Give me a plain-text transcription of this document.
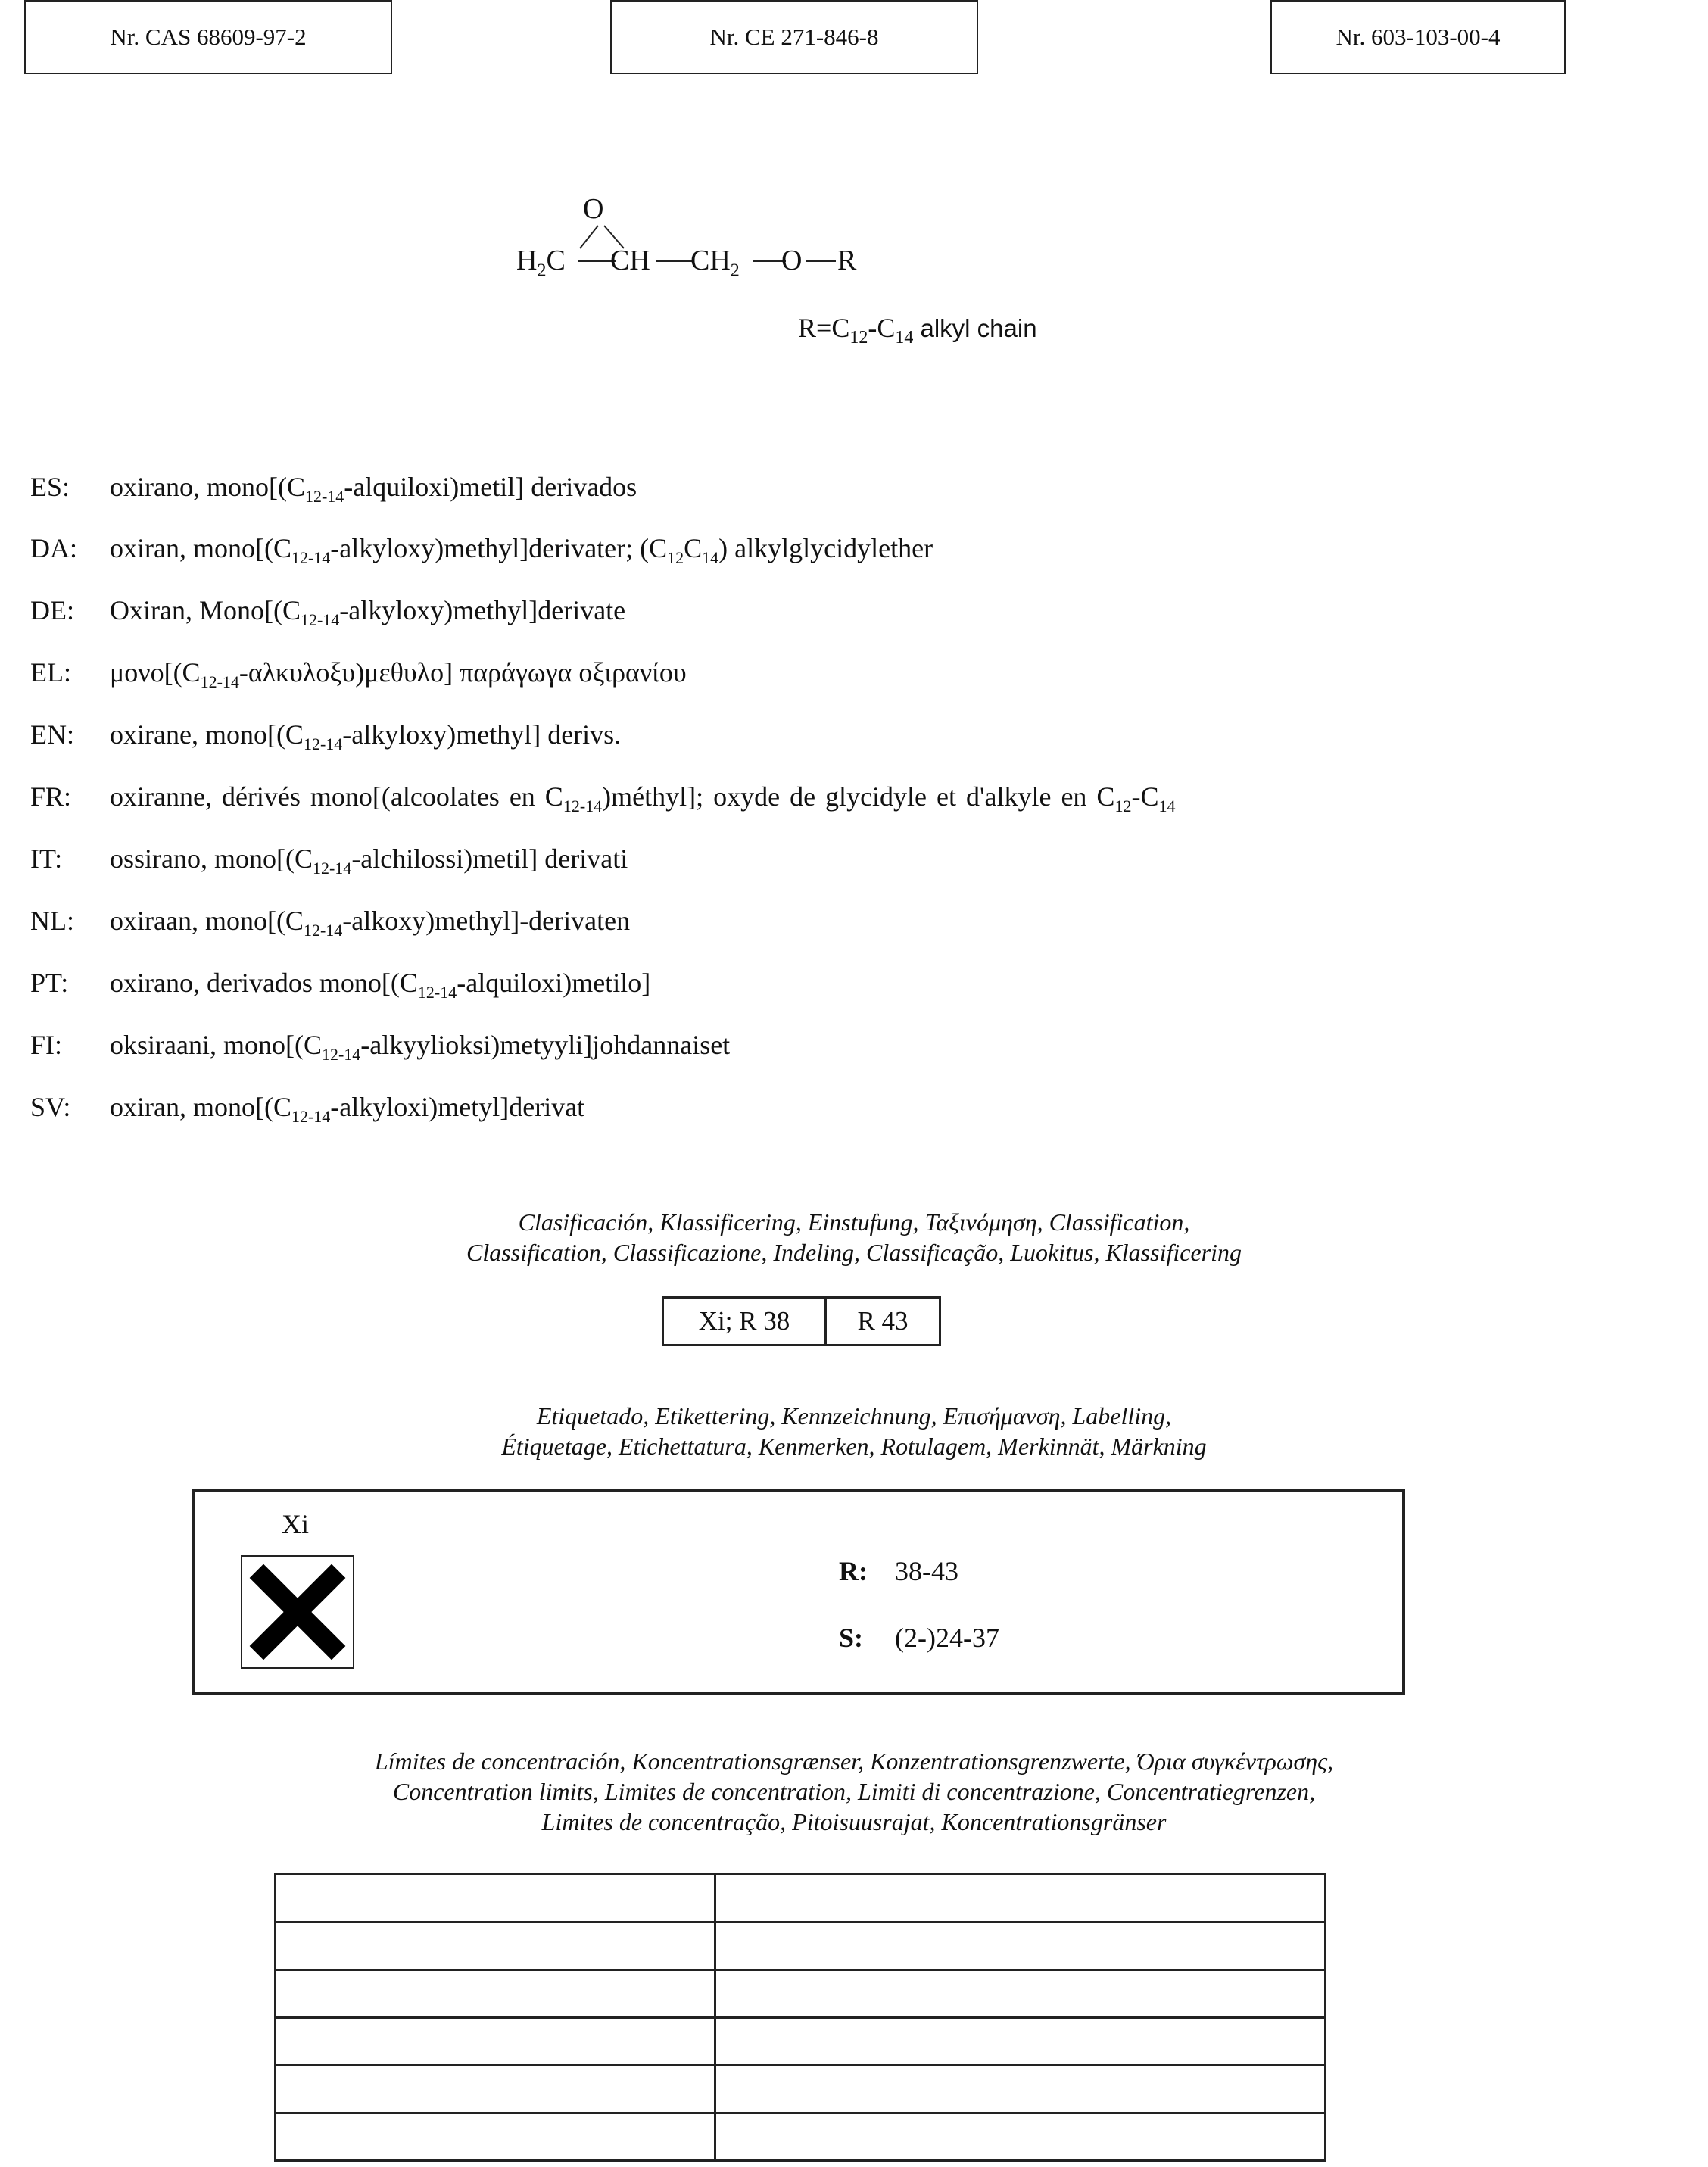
Nr. CAS 68609-97-2	Nr. CE 271-846-8	Nr. 603-103-00-4
O
$H_2C$ CH $CH_2$ O R
$R=C_{12}-C_{14}$ alkyl chain
ES: oxirano, $mono[(C_{12-14}-alquiloxi)metil]$ derivados
DA: oxiran, $mono[(C_{12-14}-alkyloxy)methyl]derivater$; $(C_{12}C_{14})$ alkylglycidylether
DE: Oxiran, $Mono[(C_{12-14}-alkyloxy)methyl]derivate$
EL: $\mu o\nu o[(C_{12-14}-\alpha\lambda\kappa\upsilon\lambda o\xi\upsilon)\mu\varepsilon\theta\upsilon\lambda o]$ παράγωγα οξιρανίου
EN: oxirane, $mono[(C_{12-14}-alkyloxy)methyl]$ derivs.
FR: oxiranne, dérivés mono[(alcoolates en $C_{12-14})méthyl$]; oxyde de glycidyle et d'alkyle en $C_{12}-C_{14}$
IT: ossirano, $mono[(C_{12-14}-alchilossi)metil]$ derivati
NL: oxiraan, $mono[(C_{12-14}-alkoxy)methyl]$-derivaten
PT: oxirano, derivados $mono[(C_{12-14}-alquiloxi)metilo]$
FI: oksiraani, $mono[(C_{12-14}-alkyylioksi)metyyli]johdannaiset$
SV: oxiran, $mono[(C_{12-14}-alkyloxi)metyl]derivat$
Clasificación, Klassificering, Einstufung, Ταξινόμηση, Classification,
Classification, Classificazione, Indeling, Classificação, Luokitus, Klassificering
Xi; R 38	R 43
Etiquetado, Etikettering, Kennzeichnung, Επισήμανση, Labelling,
Étiquetage, Etichettatura, Kenmerken, Rotulagem, Merkinnät, Märkning
Xi
R: 38-43
S: (2-)24-37
Límites de concentración, Koncentrationsgrænser, Konzentrationsgrenzwerte, Όρια συγκέντρωσης,
Concentration limits, Limites de concentration, Limiti di concentrazione, Concentratiegrenzen,
Limites de concentração, Pitoisuusrajat, Koncentrationsgränser
